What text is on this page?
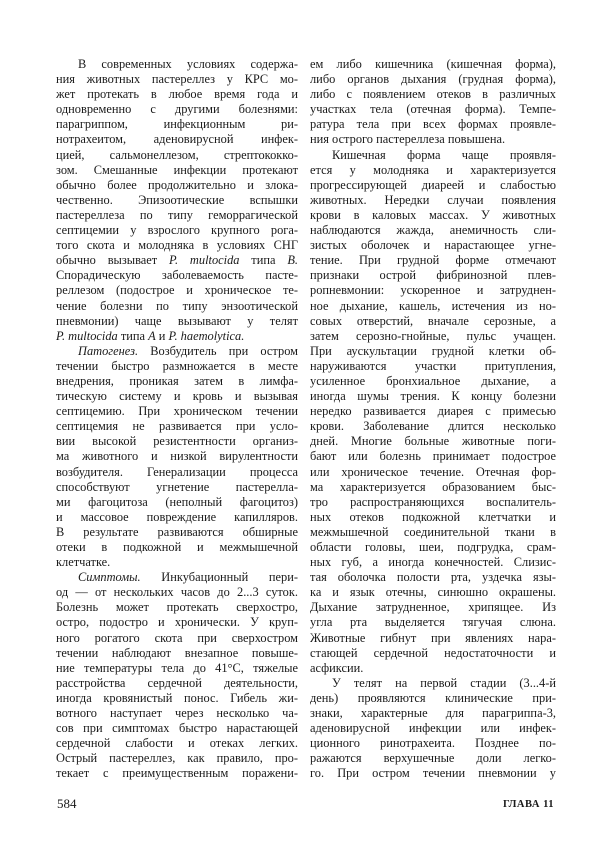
В современных условиях содержа-
ния животных пастереллез у КРС мо-
жет протекать в любое время года и
одновременно с другими болезнями:
парагриппом, инфекционным ри-
нотрахеитом, аденовирусной инфек-
цией, сальмонеллезом, стрептококко-
зом. Смешанные инфекции протекают
обычно более продолжительно и злока-
чественно. Эпизоотические вспышки
пастереллеза по типу геморрагической
септицемии у взрослого крупного рога-
того скота и молодняка в условиях СНГ
обычно вызывает P. multocida типа B.
Спорадическую заболеваемость пасте-
реллезом (подострое и хроническое те-
чение болезни по типу энзоотической
пневмонии) чаще вызывают у телят
P. multocida типа A и P. haemolytica.
Патогенез. Возбудитель при остром
течении быстро размножается в месте
внедрения, проникая затем в лимфа-
тическую систему и кровь и вызывая
септицемию. При хроническом течении
септицемия не развивается при усло-
вии высокой резистентности организ-
ма животного и низкой вирулентности
возбудителя. Генерализации процесса
способствуют угнетение пастерелла-
ми фагоцитоза (неполный фагоцитоз)
и массовое повреждение капилляров.
В результате развиваются обширные
отеки в подкожной и межмышечной
клетчатке.
Симптомы. Инкубационный пери-
од — от нескольких часов до 2...3 суток.
Болезнь может протекать сверхостро,
остро, подостро и хронически. У круп-
ного рогатого скота при сверхостром
течении наблюдают внезапное повыше-
ние температуры тела до 41°С, тяжелые
расстройства сердечной деятельности,
иногда кровянистый понос. Гибель жи-
вотного наступает через несколько ча-
сов при симптомах быстро нарастающей
сердечной слабости и отеках легких.
Острый пастереллез, как правило, про-
текает с преимущественным поражени-
ем либо кишечника (кишечная форма),
либо органов дыхания (грудная форма),
либо с появлением отеков в различных
участках тела (отечная форма). Темпе-
ратура тела при всех формах проявле-
ния острого пастереллеза повышена.
Кишечная форма чаще проявля-
ется у молодняка и характеризуется
прогрессирующей диареей и слабостью
животных. Нередки случаи появления
крови в каловых массах. У животных
наблюдаются жажда, анемичность сли-
зистых оболочек и нарастающее угне-
тение. При грудной форме отмечают
признаки острой фибринозной плев-
ропневмонии: ускоренное и затруднен-
ное дыхание, кашель, истечения из но-
совых отверстий, вначале серозные, а
затем серозно-гнойные, пульс учащен.
При аускультации грудной клетки об-
наруживаются участки притупления,
усиленное бронхиальное дыхание, а
иногда шумы трения. К концу болезни
нередко развивается диарея с примесью
крови. Заболевание длится несколько
дней. Многие больные животные поги-
бают или болезнь принимает подострое
или хроническое течение. Отечная фор-
ма характеризуется образованием быс-
тро распространяющихся воспалитель-
ных отеков подкожной клетчатки и
межмышечной соединительной ткани в
области головы, шеи, подгрудка, срам-
ных губ, а иногда конечностей. Слизис-
тая оболочка полости рта, уздечка язы-
ка и язык отечны, синюшно окрашены.
Дыхание затрудненное, хрипящее. Из
угла рта выделяется тягучая слюна.
Животные гибнут при явлениях нара-
стающей сердечной недостаточности и
асфиксии.
У телят на первой стадии (3...4-й
день) проявляются клинические при-
знаки, характерные для парагриппа-3,
аденовирусной инфекции или инфек-
ционного ринотрахеита. Позднее по-
ражаются верхушечные доли легко-
го. При остром течении пневмонии у
584	ГЛАВА 11
